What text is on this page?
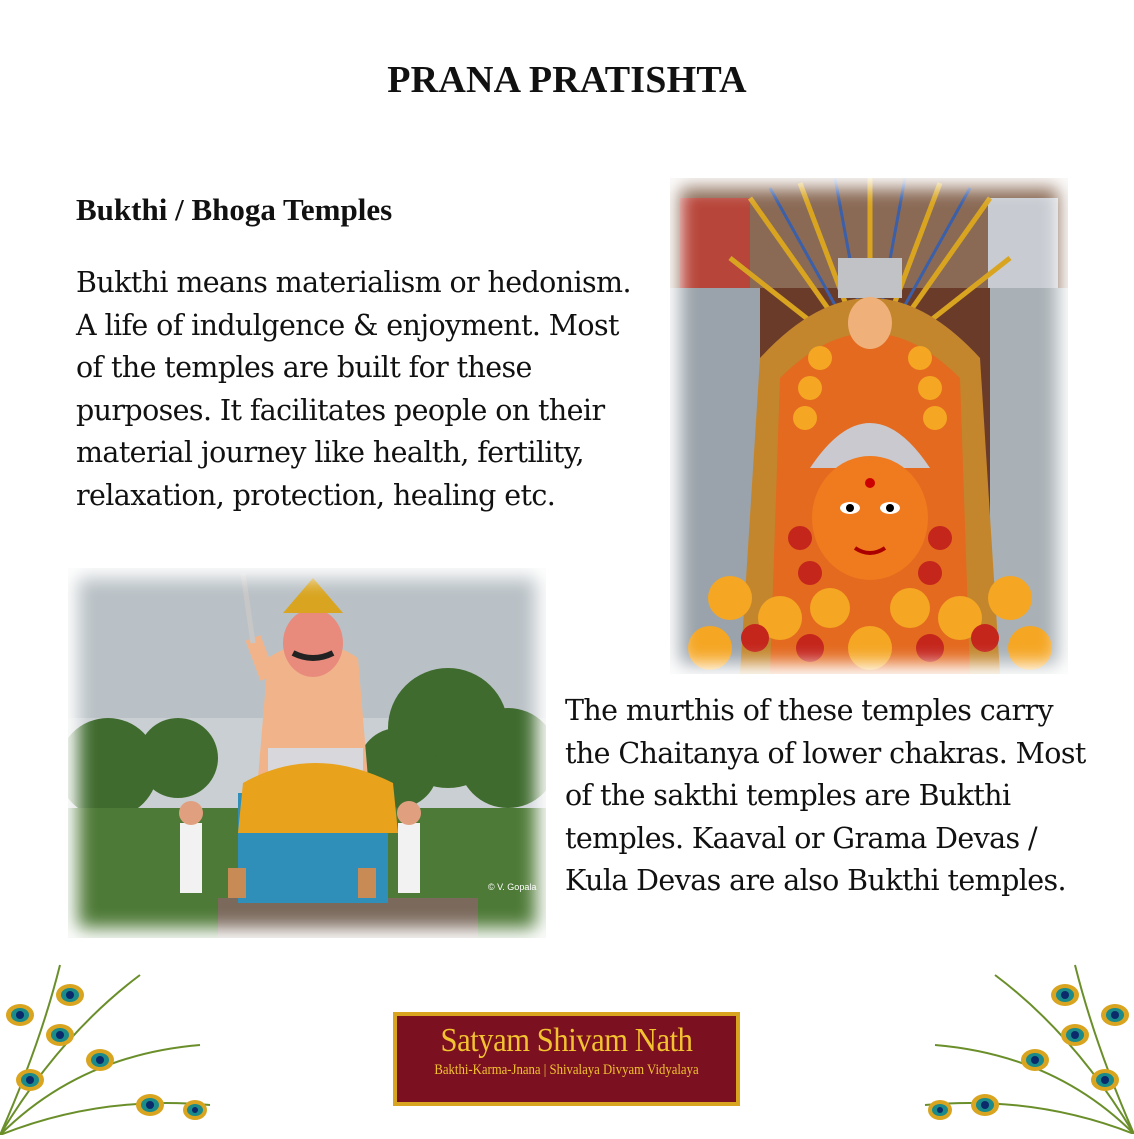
PRANA PRATISHTA
Bukthi / Bhoga Temples

Bukthi means materialism or hedonism. A life of indulgence & enjoyment. Most of the temples are built for these purposes. It facilitates people on their material journey like health, fertility, relaxation, protection, healing etc.

© V. Gopala

The murthis of these temples carry the Chaitanya of lower chakras. Most of the sakthi temples are Bukthi temples. Kaaval or Grama Devas / Kula Devas are also Bukthi temples.

Satyam Shivam Nath
Bakthi-Karma-Jnana | Shivalaya Divyam Vidyalaya
